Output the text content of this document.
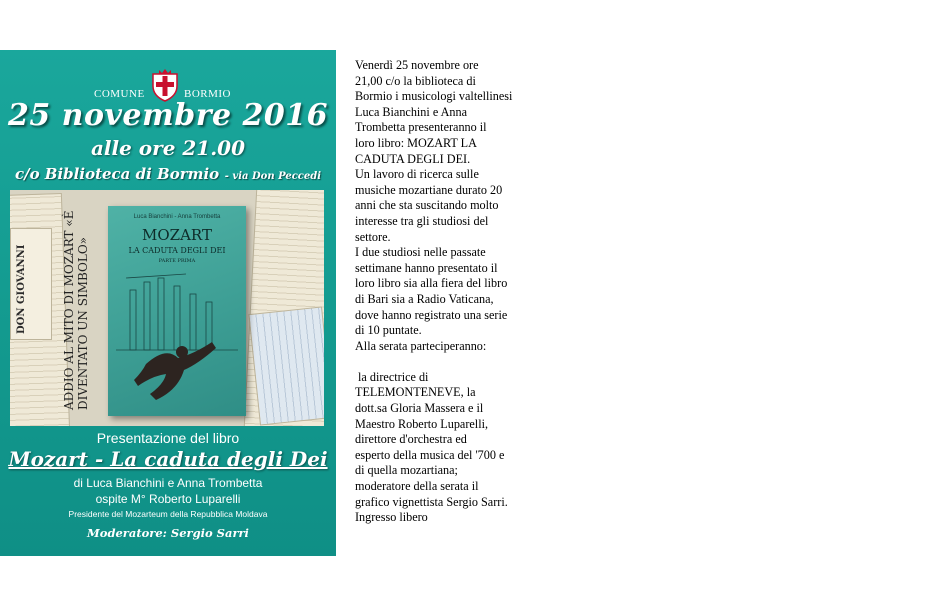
COMUNE	BORMIO
25 novembre 2016
alle ore 21.00
c/o Biblioteca di Bormio - via Don Peccedi
DON GIOVANNI	ADDIO AL MITO DI MOZART «È DIVENTATO UN SIMBOLO»
Luca Bianchini - Anna Trombetta
MOZART
LA CADUTA DEGLI DEI
PARTE PRIMA
Presentazione del libro
Mozart - La caduta degli Dei
di Luca Bianchini e Anna Trombetta
ospite M° Roberto Luparelli
Presidente del Mozarteum della Repubblica Moldava
Moderatore: Sergio Sarri

Venerdì 25 novembre ore

21,00 c/o la biblioteca di

Bormio i musicologi valtellinesi

Luca Bianchini e Anna

Trombetta presenteranno il

loro libro: MOZART LA

CADUTA DEGLI DEI.

Un lavoro di ricerca sulle

musiche mozartiane durato 20

anni che sta suscitando molto

interesse tra gli studiosi del

settore.

I due studiosi nelle passate

settimane hanno presentato il

loro libro sia alla fiera del libro

di Bari sia a Radio Vaticana,

dove hanno registrato una serie

di 10 puntate.

Alla serata parteciperanno:

la directrice di

TELEMONTENEVE, la

dott.sa Gloria Massera e il

Maestro Roberto Luparelli,

direttore d'orchestra ed

esperto della musica del '700 e

di quella mozartiana;

moderatore della serata il

grafico vignettista Sergio Sarri.

Ingresso libero
